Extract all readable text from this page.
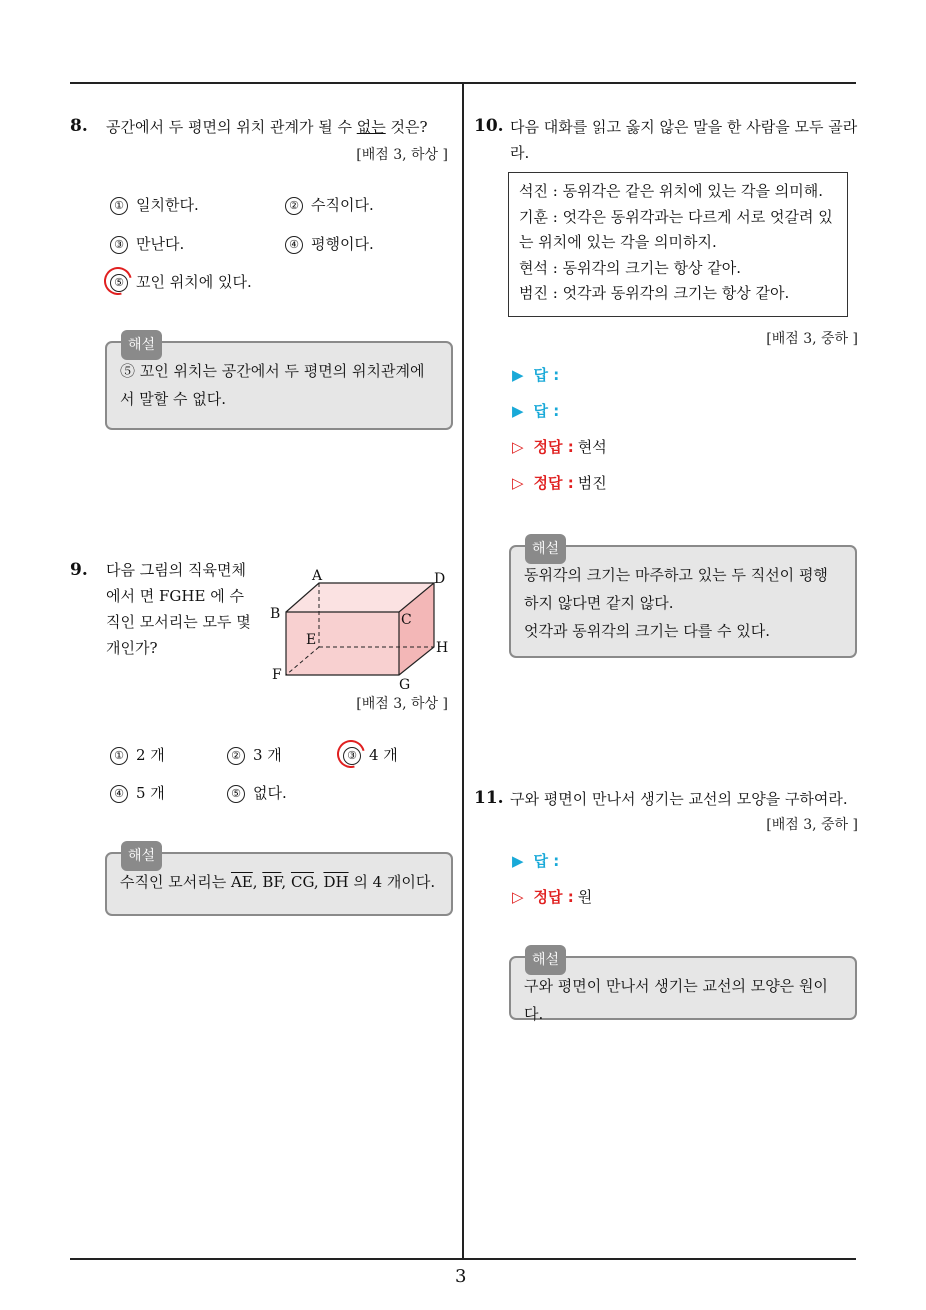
3
8. 공간에서 두 평면의 위치 관계가 될 수 없는 것은?
[배점 3, 하상 ]
① 일치한다.	② 수직이다.
③ 만난다.	④ 평행이다.
⑤ 꼬인 위치에 있다.
해설
⑤ 꼬인 위치는 공간에서 두 평면의 위치관계에서 말할 수 없다.
9. 다음 그림의 직육면체에서 면 FGHE 에 수직인 모서리는 모두 몇 개인가?
A	D
B	C
E	H
F
G
[배점 3, 하상 ]
① 2 개	② 3 개	③ 4 개
④ 5 개	⑤ 없다.
해설
수직인 모서리는 $\overline{AE}$, $\overline{BF}$, $\overline{CG}$, $\overline{DH}$ 의 4 개이다.
10. 다음 대화를 읽고 옳지 않은 말을 한 사람을 모두 골라라.
석진 : 동위각은 같은 위치에 있는 각을 의미해.
기훈 : 엇각은 동위각과는 다르게 서로 엇갈려 있는 위치에 있는 각을 의미하지.
현석 : 동위각의 크기는 항상 같아.
범진 : 엇각과 동위각의 크기는 항상 같아.
[배점 3, 중하 ]
▶ 답 :
▶ 답 :
▷ 정답 : 현석
▷ 정답 : 범진
해설
동위각의 크기는 마주하고 있는 두 직선이 평행하지 않다면 같지 않다.
엇각과 동위각의 크기는 다를 수 있다.
11. 구와 평면이 만나서 생기는 교선의 모양을 구하여라.
[배점 3, 중하 ]
▶ 답 :
▷ 정답 : 원
해설
구와 평면이 만나서 생기는 교선의 모양은 원이다.
